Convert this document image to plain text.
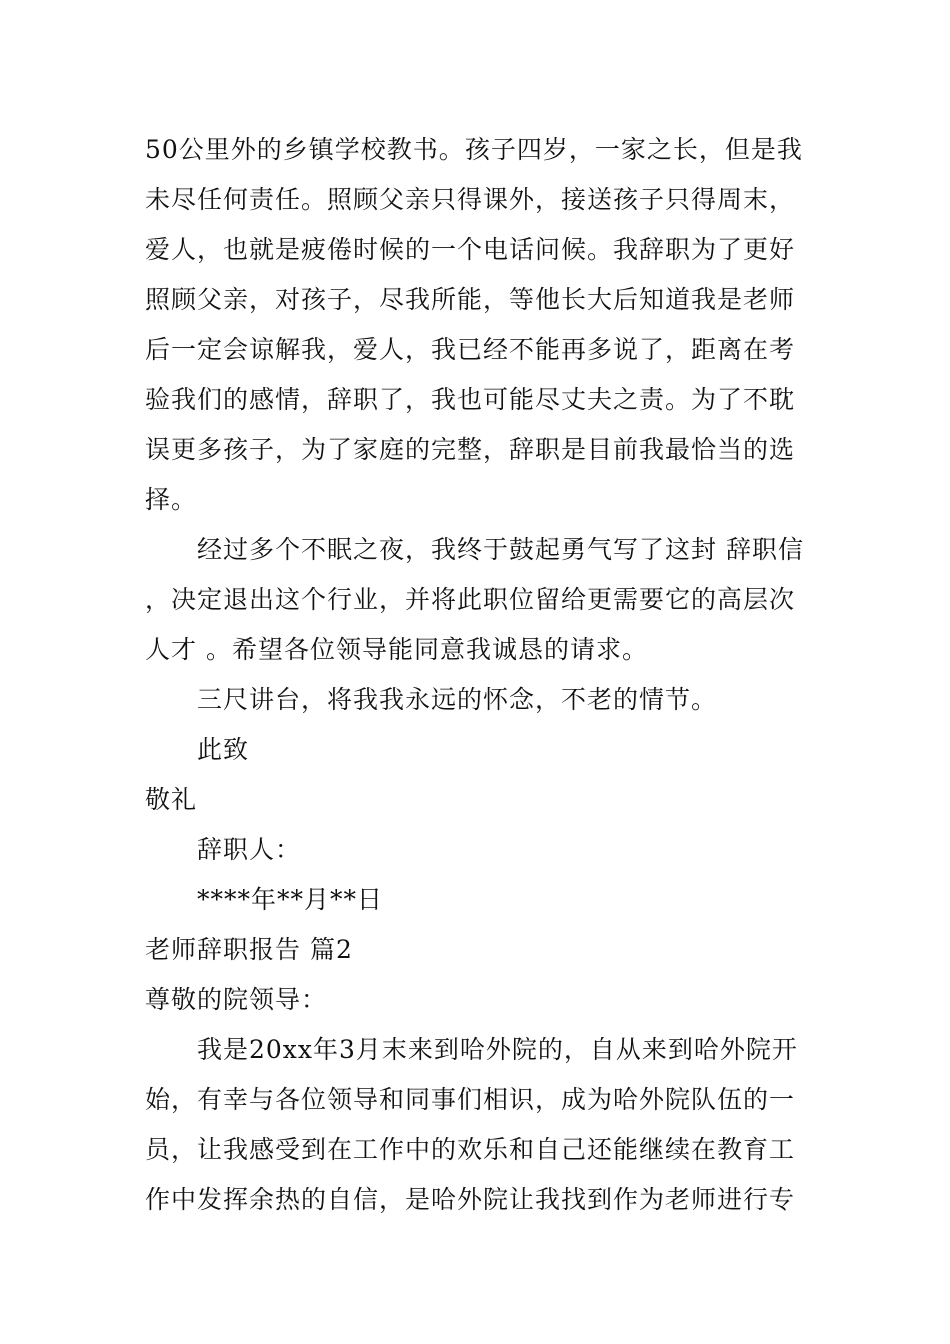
50公里外的乡镇学校教书。孩子四岁，一家之长，但是我
未尽任何责任。照顾父亲只得课外，接送孩子只得周末，
爱人，也就是疲倦时候的一个电话问候。我辞职为了更好
照顾父亲，对孩子，尽我所能，等他长大后知道我是老师
后一定会谅解我，爱人，我已经不能再多说了，距离在考
验我们的感情，辞职了，我也可能尽丈夫之责。为了不耽
误更多孩子，为了家庭的完整，辞职是目前我最恰当的选
择。
经过多个不眠之夜，我终于鼓起勇气写了这封 辞职信
，决定退出这个行业，并将此职位留给更需要它的高层次
人才 。希望各位领导能同意我诚恳的请求。
三尺讲台，将我我永远的怀念，不老的情节。
此致
敬礼
辞职人：
****年**月**日
老师辞职报告 篇2
尊敬的院领导：
我是20xx年3月末来到哈外院的，自从来到哈外院开
始，有幸与各位领导和同事们相识，成为哈外院队伍的一
员，让我感受到在工作中的欢乐和自己还能继续在教育工
作中发挥余热的自信，是哈外院让我找到作为老师进行专
